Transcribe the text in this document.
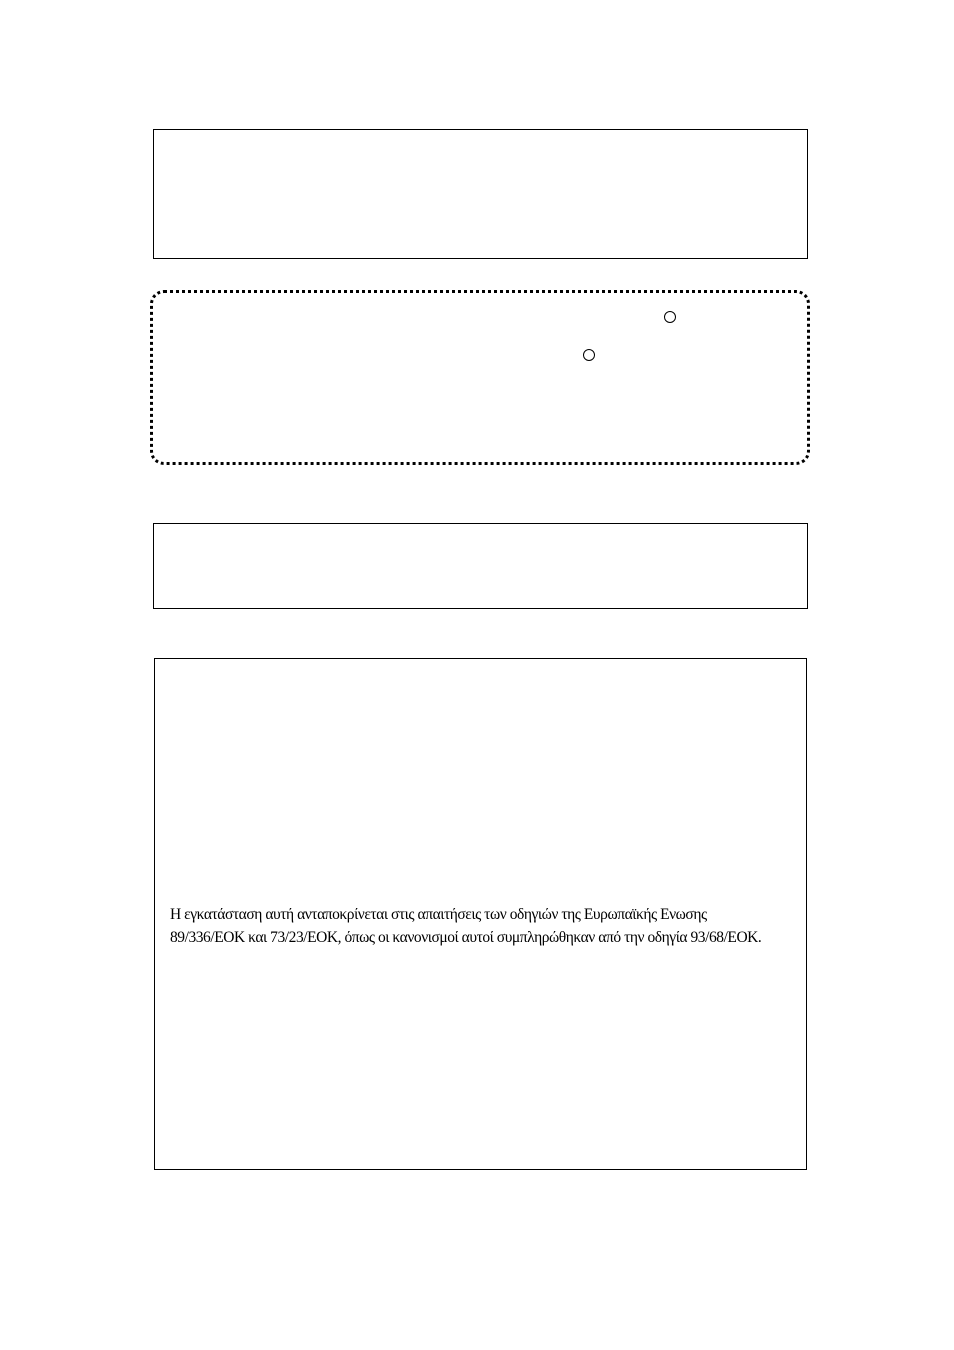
Η εγκατάσταση αυτή ανταποκρίνεται στις απαιτήσεις των οδηγιών της Ευρωπαϊκής Ενωσης
89/336/ΕΟΚ και 73/23/ΕΟΚ, όπως οι κανονισμοί αυτοί συμπληρώθηκαν από την οδηγία 93/68/ΕΟΚ.
